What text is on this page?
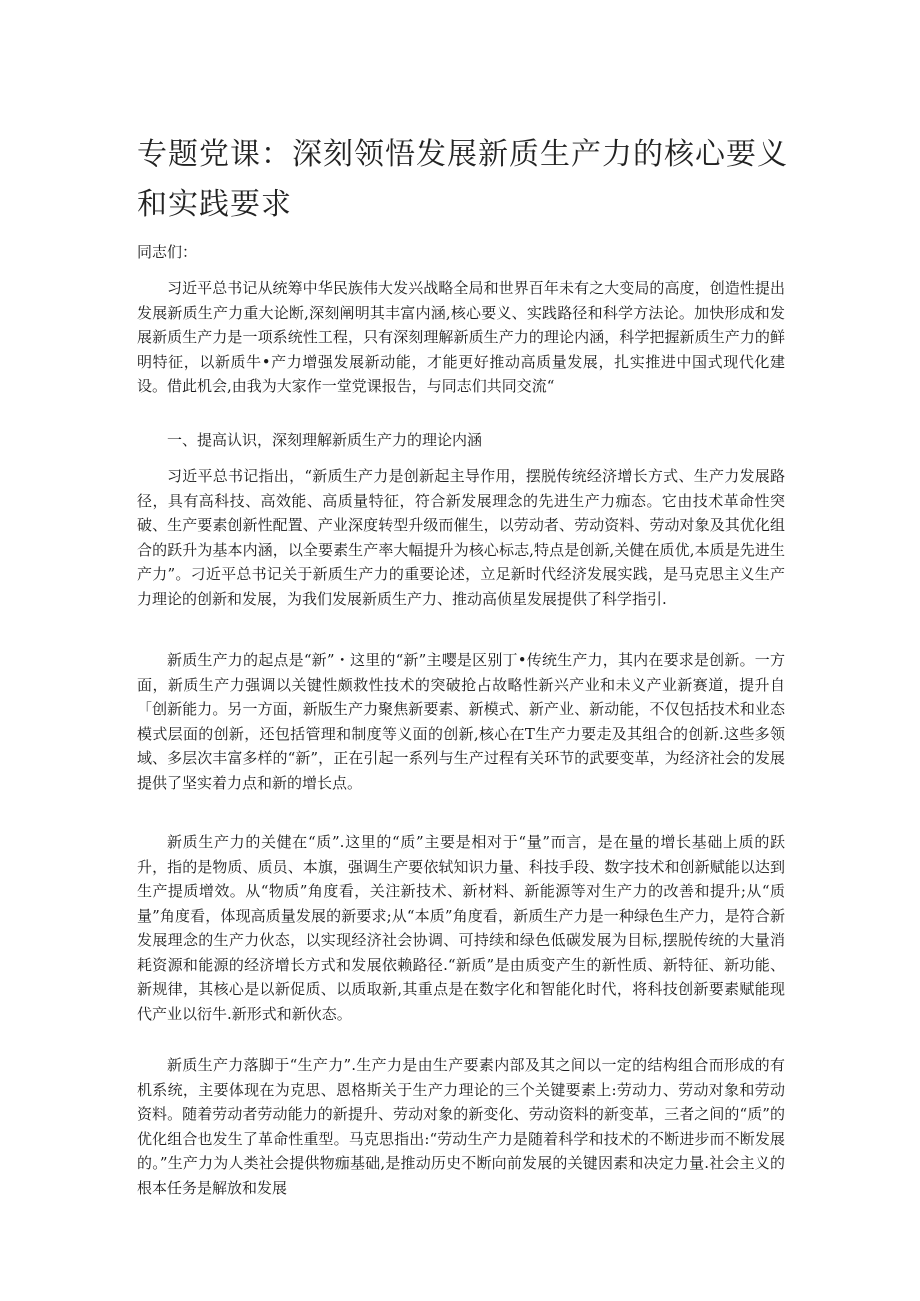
专题党课：深刻领悟发展新质生产力的核心要义和实践要求

同志们：

习近平总书记从统筹中华民族伟大发兴战略全局和世界百年未有之大变局的高度，创造性提出发展新质生产力重大论断,深刻阐明其丰富内涵,核心要义、实践路径和科学方法论。加快形成和发展新质生产力是一项系统性工程，只有深刻理解新质生产力的理论内涵，科学把握新质生产力的鲜明特征，以新质牛•产力增强发展新动能，才能更好推动高质量发展，扎实推进中国式现代化建设。借此机会,由我为大家作一堂党课报告，与同志们共同交流“

一、提高认识，深刻理解新质生产力的理论内涵

习近平总书记指出，“新质生产力是创新起主导作用，摆脱传统经济增长方式、生产力发展路径，具有高科技、高效能、高质量特征，符合新发展理念的先进生产力痂态。它由技术革命性突破、生产要素创新性配置、产业深度转型升级而催生，以劳动者、劳动资料、劳动对象及其优化组合的跃升为基本内涵，以全要素生产率大幅提升为核心标志,特点是创新,关健在质优,本质是先进生产力”。刁近平总书记关于新质生产力的重要论述，立足新时代经济发展实践，是马克思主义生产力理论的创新和发展，为我们发展新质生产力、推动高侦星发展提供了科学指引.

新质生产力的起点是“新”・这里的“新”主嘤是区别丁•传统生产力，其内在要求是创新。一方面，新质生产力强调以关键性颇救性技术的突破抢占故略性新兴产业和未义产业新赛道，提升自「创新能力。另一方面，新版生产力聚焦新要素、新模式、新产业、新动能，不仅包括技术和业态模式层面的创新，还包括管理和制度等义面的创新,核心在T生产力要走及其组合的创新.这些多领域、多层次丰富多样的“新”，正在引起一系列与生产过程有关环节的武要变革，为经济社会的发展提供了坚实着力点和新的增长点。

新质生产力的关健在“质”.这里的“质”主要是相对于“量”而言，是在量的增长基础上质的跃升，指的是物质、质员、本旗，强调生产要依轼知识力量、科技手段、数字技术和创新赋能以达到生产提质增效。从“物质”角度看，关注新技术、新材料、新能源等对生产力的改善和提升;从“质量”角度看，体现高质量发展的新要求;从“本质”角度看，新质生产力是一种绿色生产力，是符合新发展理念的生产力伙态，以实现经济社会协调、可持续和绿色低碳发展为目标,摆脱传统的大量消耗资源和能源的经济增长方式和发展依赖路径.“新质”是由质变产生的新性质、新特征、新功能、新规律，其核心是以新促质、以质取新,其重点是在数字化和智能化时代，将科技创新要素赋能现代产业以衍牛.新形式和新伙态。

新质生产力落脚于“生产力”.生产力是由生产要素内部及其之间以一定的结构组合而形成的有机系统，主要体现在为克思、恩格斯关于生产力理论的三个关键要素上:劳动力、劳动对象和劳动资料。随着劳动者劳动能力的新提升、劳动对象的新变化、劳动资料的新变革，三者之间的“质”的优化组合也发生了革命性重型。马克思指出:“劳动生产力是随着科学和技术的不断进步而不断发展的。”生产力为人类社会提供物痂基础,是推动历史不断向前发展的关键因素和决定力量.社会主义的根本任务是解放和发展
